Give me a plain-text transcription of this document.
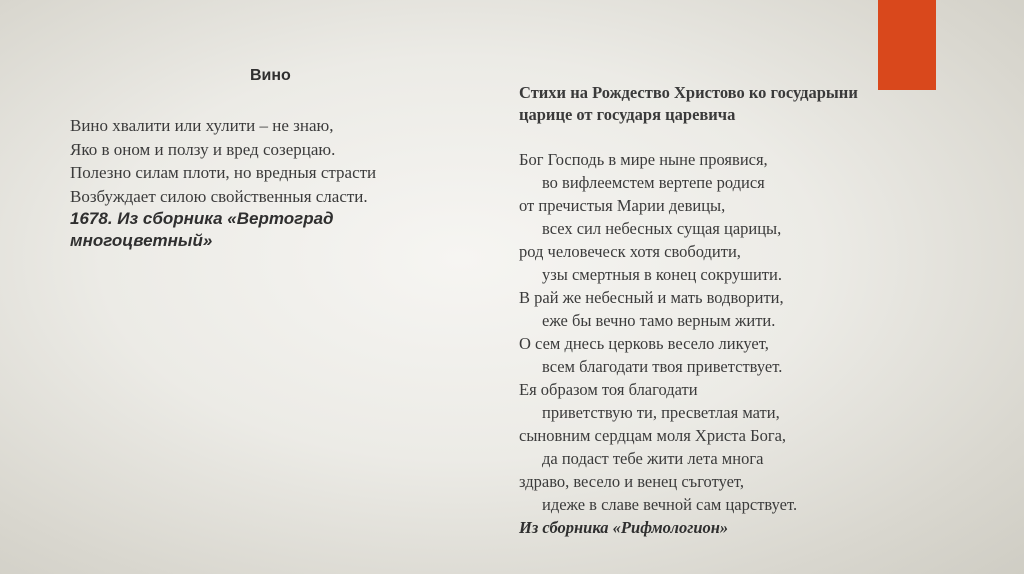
Вино
Вино хвалити или хулити – не знаю,
Яко в оном и ползу и вред созерцаю.
Полезно силам плоти, но вредныя страсти
Возбуждает силою свойственныя сласти.
1678. Из сборника «Вертоград
многоцветный»
Стихи на Рождество Христово ко государыни
царице от государя царевича
Бог Господь в мире ныне проявися,
во вифлеемстем вертепе родися
от пречистыя Марии девицы,
всех сил небесных сущая царицы,
род человеческ хотя свободити,
узы смертныя в конец сокрушити.
В рай же небесный и мать водворити,
еже бы вечно тамо верным жити.
О сем днесь церковь весело ликует,
всем благодати твоя приветствует.
Ея образом тоя благодати
приветствую ти, пресветлая мати,
сыновним сердцам моля Христа Бога,
да подаст тебе жити лета многа
здраво, весело и венец съготует,
идеже в славе вечной сам царствует.
Из сборника «Рифмологион»
